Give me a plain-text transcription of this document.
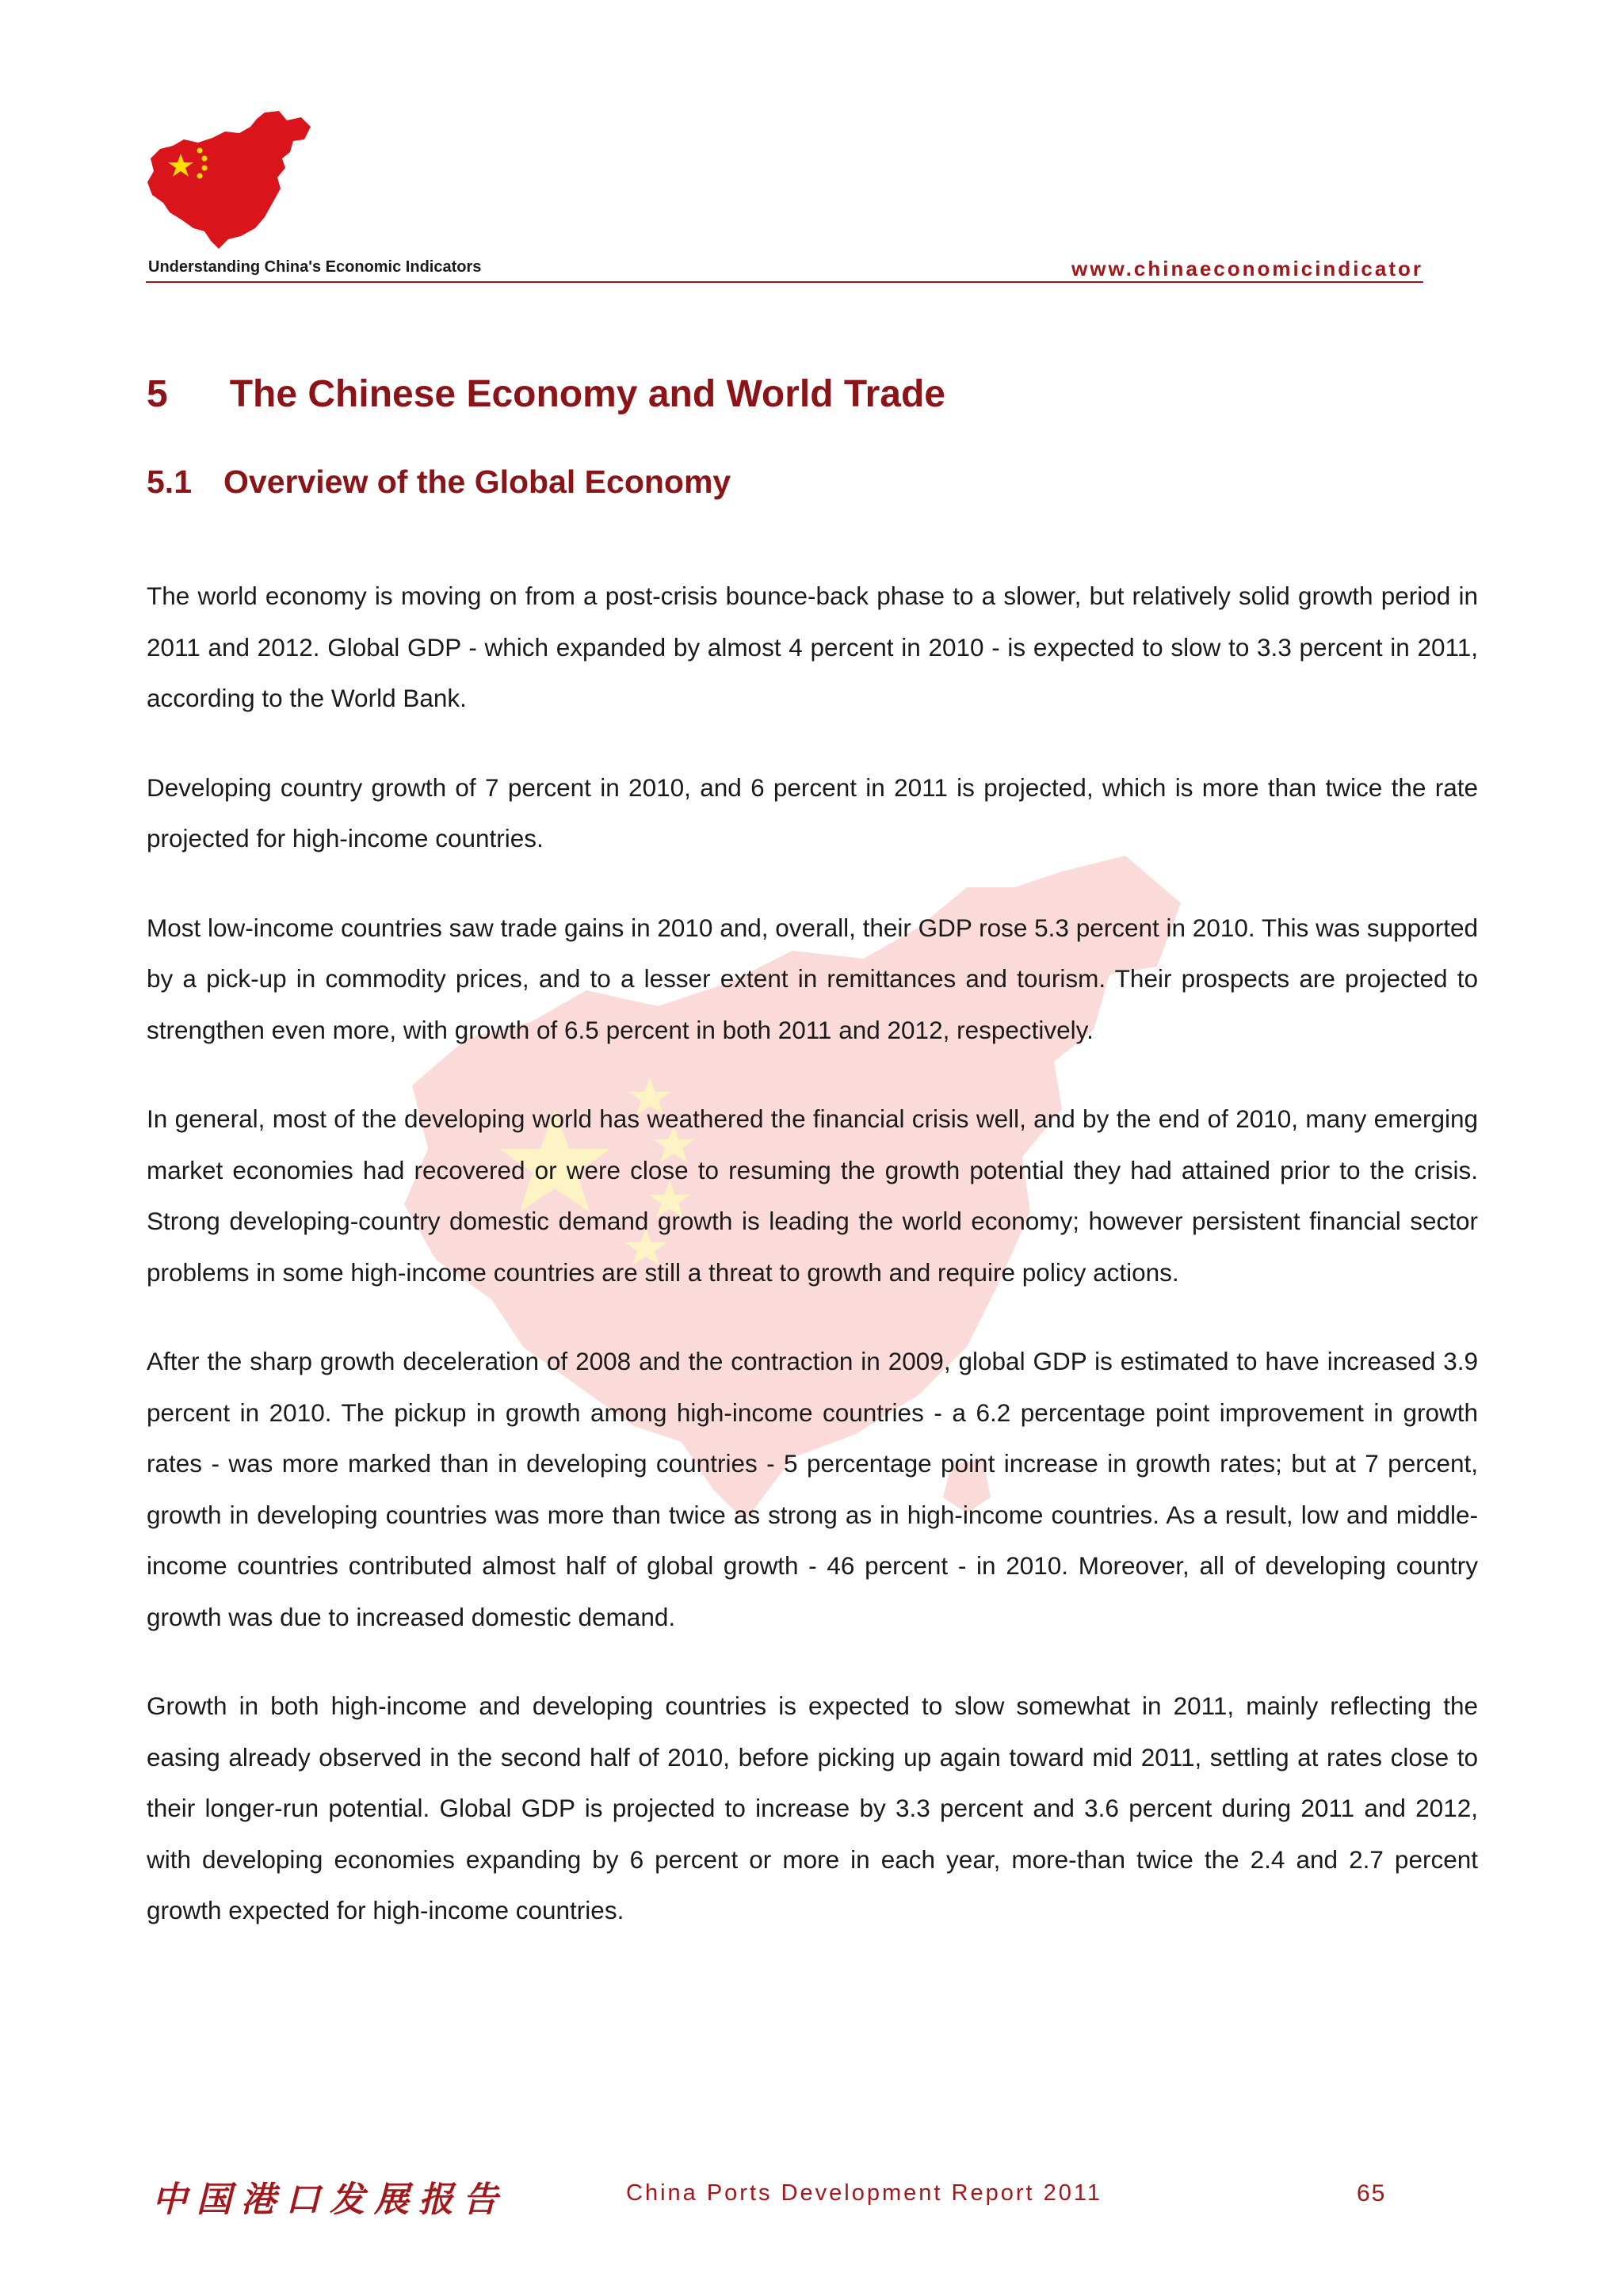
Understanding China's Economic Indicators	www.chinaeconomicindicator
5 The Chinese Economy and World Trade
5.1 Overview of the Global Economy

The world economy is moving on from a post-crisis bounce-back phase to a slower, but relatively solid growth period in 2011 and 2012. Global GDP - which expanded by almost 4 percent in 2010 - is expected to slow to 3.3 percent in 2011, according to the World Bank.

Developing country growth of 7 percent in 2010, and 6 percent in 2011 is projected, which is more than twice the rate projected for high-income countries.

Most low-income countries saw trade gains in 2010 and, overall, their GDP rose 5.3 percent in 2010. This was supported by a pick-up in commodity prices, and to a lesser extent in remittances and tourism. Their prospects are projected to strengthen even more, with growth of 6.5 percent in both 2011 and 2012, respectively.

In general, most of the developing world has weathered the financial crisis well, and by the end of 2010, many emerging market economies had recovered or were close to resuming the growth potential they had attained prior to the crisis. Strong developing-country domestic demand growth is leading the world economy; however persistent financial sector problems in some high-income countries are still a threat to growth and require policy actions.

After the sharp growth deceleration of 2008 and the contraction in 2009, global GDP is estimated to have increased 3.9 percent in 2010. The pickup in growth among high-income countries - a 6.2 percentage point improvement in growth rates - was more marked than in developing countries - 5 percentage point increase in growth rates; but at 7 percent, growth in developing countries was more than twice as strong as in high-income countries. As a result, low and middle-income countries contributed almost half of global growth - 46 percent - in 2010. Moreover, all of developing country growth was due to increased domestic demand.

Growth in both high-income and developing countries is expected to slow somewhat in 2011, mainly reflecting the easing already observed in the second half of 2010, before picking up again toward mid 2011, settling at rates close to their longer-run potential. Global GDP is projected to increase by 3.3 percent and 3.6 percent during 2011 and 2012, with developing economies expanding by 6 percent or more in each year, more-than twice the 2.4 and 2.7 percent growth expected for high-income countries.

中国港口发展报告	China Ports Development Report 2011	65
